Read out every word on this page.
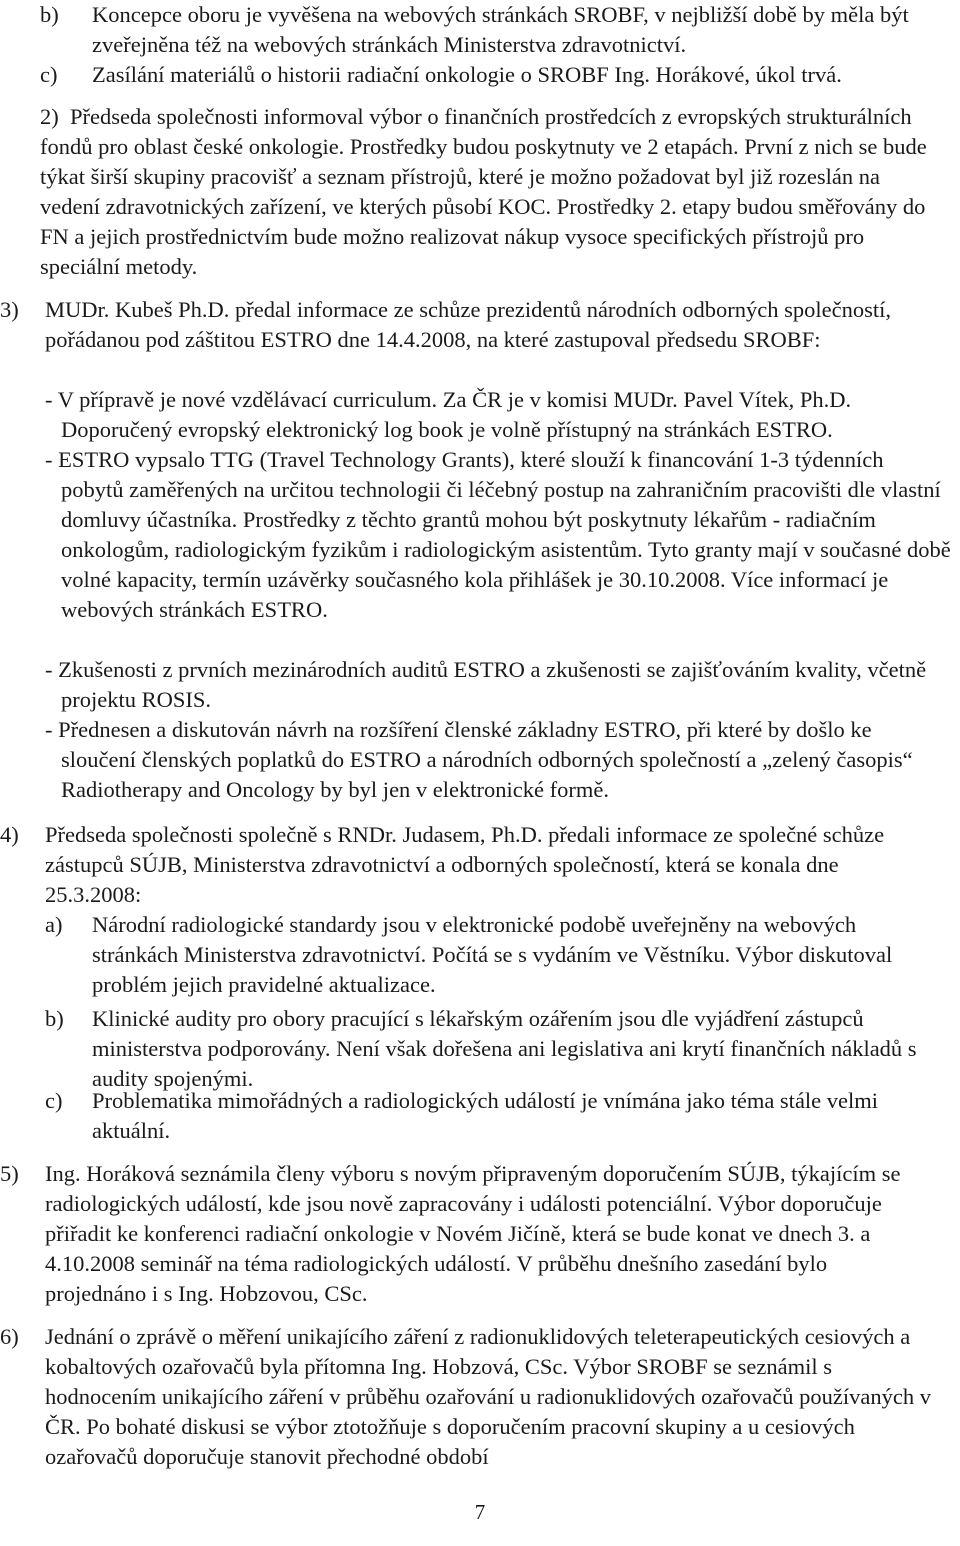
b) Koncepce oboru je vyvěšena na webových stránkách SROBF, v nejbližší době by měla být zveřejněna též na webových stránkách Ministerstva zdravotnictví.
c) Zasílání materiálů o historii radiační onkologie o SROBF Ing. Horákové, úkol trvá.
2) Předseda společnosti informoval výbor o finančních prostředcích z evropských strukturálních fondů pro oblast české onkologie. Prostředky budou poskytnuty ve 2 etapách. První z nich se bude týkat širší skupiny pracovišť a seznam přístrojů, které je možno požadovat byl již rozeslán na vedení zdravotnických zařízení, ve kterých působí KOC. Prostředky 2. etapy budou směřovány do FN a jejich prostřednictvím bude možno realizovat nákup vysoce specifických přístrojů pro speciální metody.
3) MUDr. Kubeš Ph.D. předal informace ze schůze prezidentů národních odborných společností, pořádanou pod záštitou ESTRO dne 14.4.2008, na které zastupoval předsedu SROBF:
- V přípravě je nové vzdělávací curriculum. Za ČR je v komisi MUDr. Pavel Vítek, Ph.D. Doporučený evropský elektronický log book je volně přístupný na stránkách ESTRO.
- ESTRO vypsalo TTG (Travel Technology Grants), které slouží k financování 1-3 týdenních pobytů zaměřených na určitou technologii či léčebný postup na zahraničním pracovišti dle vlastní domluvy účastníka. Prostředky z těchto grantů mohou být poskytnuty lékařům - radiačním onkologům, radiologickým fyzikům i radiologickým asistentům. Tyto granty mají v současné době volné kapacity, termín uzávěrky současného kola přihlášek je 30.10.2008. Více informací je webových stránkách ESTRO.
- Zkušenosti z prvních mezinárodních auditů ESTRO a zkušenosti se zajišťováním kvality, včetně projektu ROSIS.
- Přednesen a diskutován návrh na rozšíření členské základny ESTRO, při které by došlo ke sloučení členských poplatků do ESTRO a národních odborných společností a „zelený časopis“ Radiotherapy and Oncology by byl jen v elektronické formě.
4) Předseda společnosti společně s RNDr. Judasem, Ph.D. předali informace ze společné schůze zástupců SÚJB, Ministerstva zdravotnictví a odborných společností, která se konala dne 25.3.2008:
a) Národní radiologické standardy jsou v elektronické podobě uveřejněny na webových stránkách Ministerstva zdravotnictví. Počítá se s vydáním ve Věstníku. Výbor diskutoval problém jejich pravidelné aktualizace.
b) Klinické audity pro obory pracující s lékařským ozářením jsou dle vyjádření zástupců ministerstva podporovány. Není však dořešena ani legislativa ani krytí finančních nákladů s audity spojenými.
c) Problematika mimořádných a radiologických událostí je vnímána jako téma stále velmi aktuální.
5) Ing. Horáková seznámila členy výboru s novým připraveným doporučením SÚJB, týkajícím se radiologických událostí, kde jsou nově zapracovány i události potenciální. Výbor doporučuje přiřadit ke konferenci radiační onkologie v Novém Jičíně, která se bude konat ve dnech 3. a 4.10.2008 seminář na téma radiologických událostí. V průběhu dnešního zasedání bylo projednáno i s Ing. Hobzovou, CSc.
6) Jednání o zprávě o měření unikajícího záření z radionuklidových teleterapeutických cesiových a kobaltových ozařovačů byla přítomna Ing. Hobzová, CSc. Výbor SROBF se seznámil s hodnocením unikajícího záření v průběhu ozařování u radionuklidových ozařovačů používaných v ČR. Po bohaté diskusi se výbor ztotožňuje s doporučením pracovní skupiny a u cesiových ozařovačů doporučuje stanovit přechodné období
7
